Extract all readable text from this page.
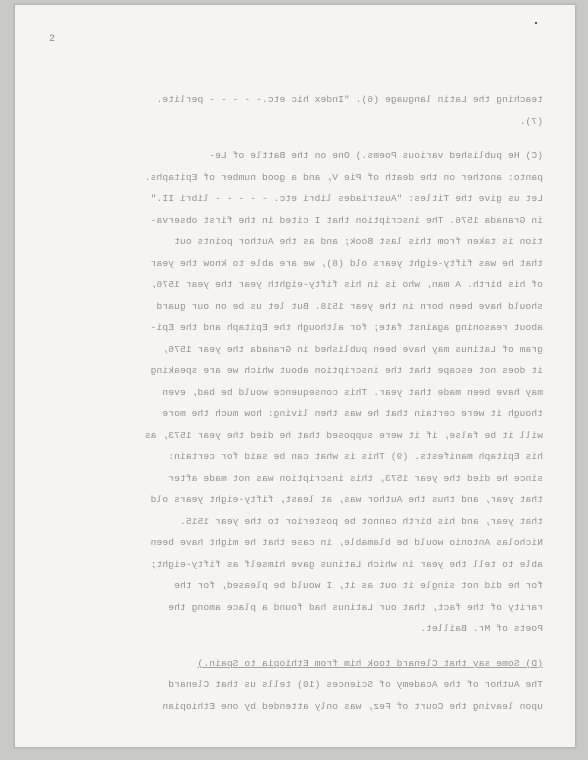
2
teaching the Latin language (6). "Index hic etc.- - - - - perlite.
(7).
(C) He published various Poems.) One on the Battle of Le-
panto: another on the death of Pie V, and a good number of Epitaphs.
Let us give the Titles: "Austriades libri etc. - - - - - libri II."
in Granada 1576. The inscription that I cited in the first observa-
tion is taken from this last Book; and as the Author points out
that he was fifty-eight years old (8), we are able to know the year
of his birth. A man, who is in his fifty-eighth year the year 1576,
should have been born in the year 1518. But let us be on our guard
about reasoning against fate; for although the Epitaph and the Epi-
gram of Latinus may have been published in Granada the year 1576,
it does not escape that the inscription about which we are speaking
may have been made that year. This consequence would be bad, even
though it were certain that he was then living: how much the more
will it be false, if it were supposed that he died the year 1573, as
his Epitaph manifests. (9) This is what can be said for certain:
since he died the year 1573, this inscription was not made after
that year, and thus the Author was, at least, fifty-eight years old
that year, and his birth cannot be posterior to the year 1515.
Nicholas Antonio would be blamable, in case that he might have been
able to tell the year in which Latinus gave himself as fifty-eight;
for he did not single it out as it, I would be pleased, for the
rarity of the fact, that our Latinus had found a place among the
Poets of Mr. Baillet.
(D) Some say that Clenard took him from Ethiopia to Spain.)
The Author of the Academy of Sciences (10) tells us that Clenard
upon leaving the Court of Fez, was only attended by one Ethiopian
